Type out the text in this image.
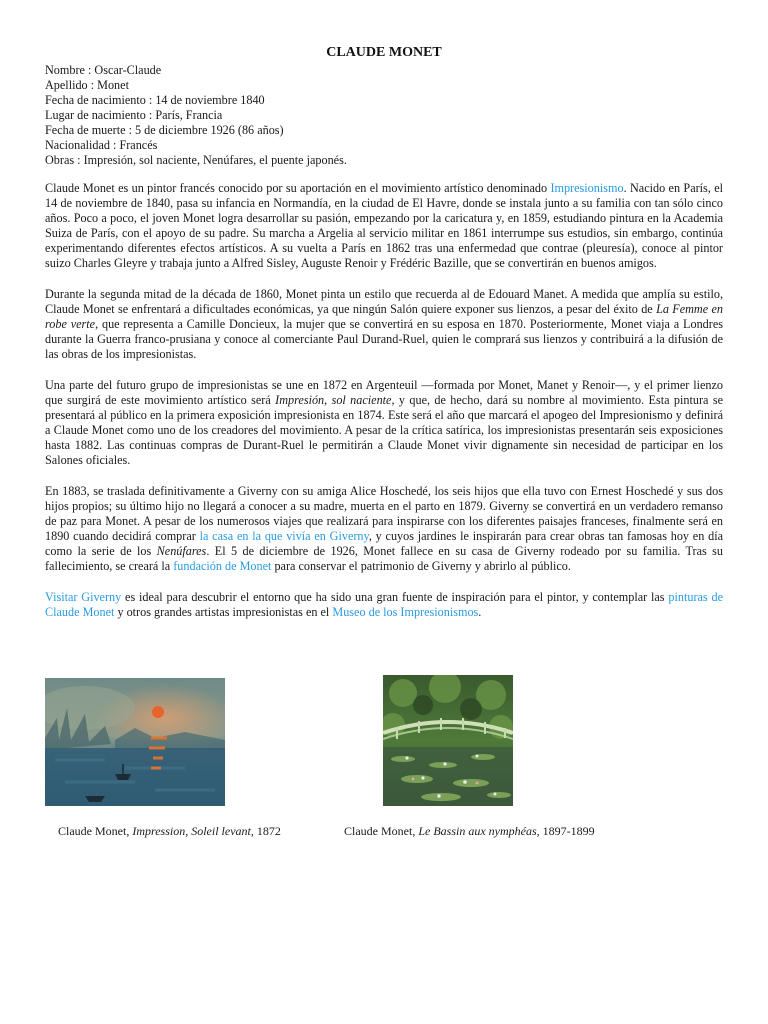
CLAUDE MONET
Nombre : Oscar-Claude
Apellido : Monet
Fecha de nacimiento : 14 de noviembre 1840
Lugar de nacimiento : París, Francia
Fecha de muerte : 5 de diciembre 1926 (86 años)
Nacionalidad : Francés
Obras : Impresión, sol naciente, Nenúfares, el puente japonés.

Claude Monet es un pintor francés conocido por su aportación en el movimiento artístico denominado Impresionismo. Nacido en París, el 14 de noviembre de 1840, pasa su infancia en Normandía, en la ciudad de El Havre, donde se instala junto a su familia con tan sólo cinco años. Poco a poco, el joven Monet logra desarrollar su pasión, empezando por la caricatura y, en 1859, estudiando pintura en la Academia Suiza de París, con el apoyo de su padre. Su marcha a Argelia al servicio militar en 1861 interrumpe sus estudios, sin embargo, continúa experimentando diferentes efectos artísticos. A su vuelta a París en 1862 tras una enfermedad que contrae (pleuresía), conoce al pintor suizo Charles Gleyre y trabaja junto a Alfred Sisley, Auguste Renoir y Frédéric Bazille, que se convertirán en buenos amigos.

Durante la segunda mitad de la década de 1860, Monet pinta un estilo que recuerda al de Edouard Manet. A medida que amplía su estilo, Claude Monet se enfrentará a dificultades económicas, ya que ningún Salón quiere exponer sus lienzos, a pesar del éxito de La Femme en robe verte, que representa a Camille Doncieux, la mujer que se convertirá en su esposa en 1870. Posteriormente, Monet viaja a Londres durante la Guerra franco-prusiana y conoce al comerciante Paul Durand-Ruel, quien le comprará sus lienzos y contribuirá a la difusión de las obras de los impresionistas.

Una parte del futuro grupo de impresionistas se une en 1872 en Argenteuil —formada por Monet, Manet y Renoir—, y el primer lienzo que surgirá de este movimiento artístico será Impresión, sol naciente, y que, de hecho, dará su nombre al movimiento. Esta pintura se presentará al público en la primera exposición impresionista en 1874. Este será el año que marcará el apogeo del Impresionismo y definirá a Claude Monet como uno de los creadores del movimiento. A pesar de la crítica satírica, los impresionistas presentarán seis exposiciones hasta 1882. Las continuas compras de Durant-Ruel le permitirán a Claude Monet vivir dignamente sin necesidad de participar en los Salones oficiales.

En 1883, se traslada definitivamente a Giverny con su amiga Alice Hoschedé, los seis hijos que ella tuvo con Ernest Hoschedé y sus dos hijos propios; su último hijo no llegará a conocer a su madre, muerta en el parto en 1879. Giverny se convertirá en un verdadero remanso de paz para Monet. A pesar de los numerosos viajes que realizará para inspirarse con los diferentes paisajes franceses, finalmente será en 1890 cuando decidirá comprar la casa en la que vivía en Giverny, y cuyos jardines le inspirarán para crear obras tan famosas hoy en día como la serie de los Nenúfares. El 5 de diciembre de 1926, Monet fallece en su casa de Giverny rodeado por su familia. Tras su fallecimiento, se creará la fundación de Monet para conservar el patrimonio de Giverny y abrirlo al público.

Visitar Giverny es ideal para descubrir el entorno que ha sido una gran fuente de inspiración para el pintor, y contemplar las pinturas de Claude Monet y otros grandes artistas impresionistas en el Museo de los Impresionismos.

Claude Monet, Impression, Soleil levant, 1872	Claude Monet, Le Bassin aux nymphéas, 1897-1899
